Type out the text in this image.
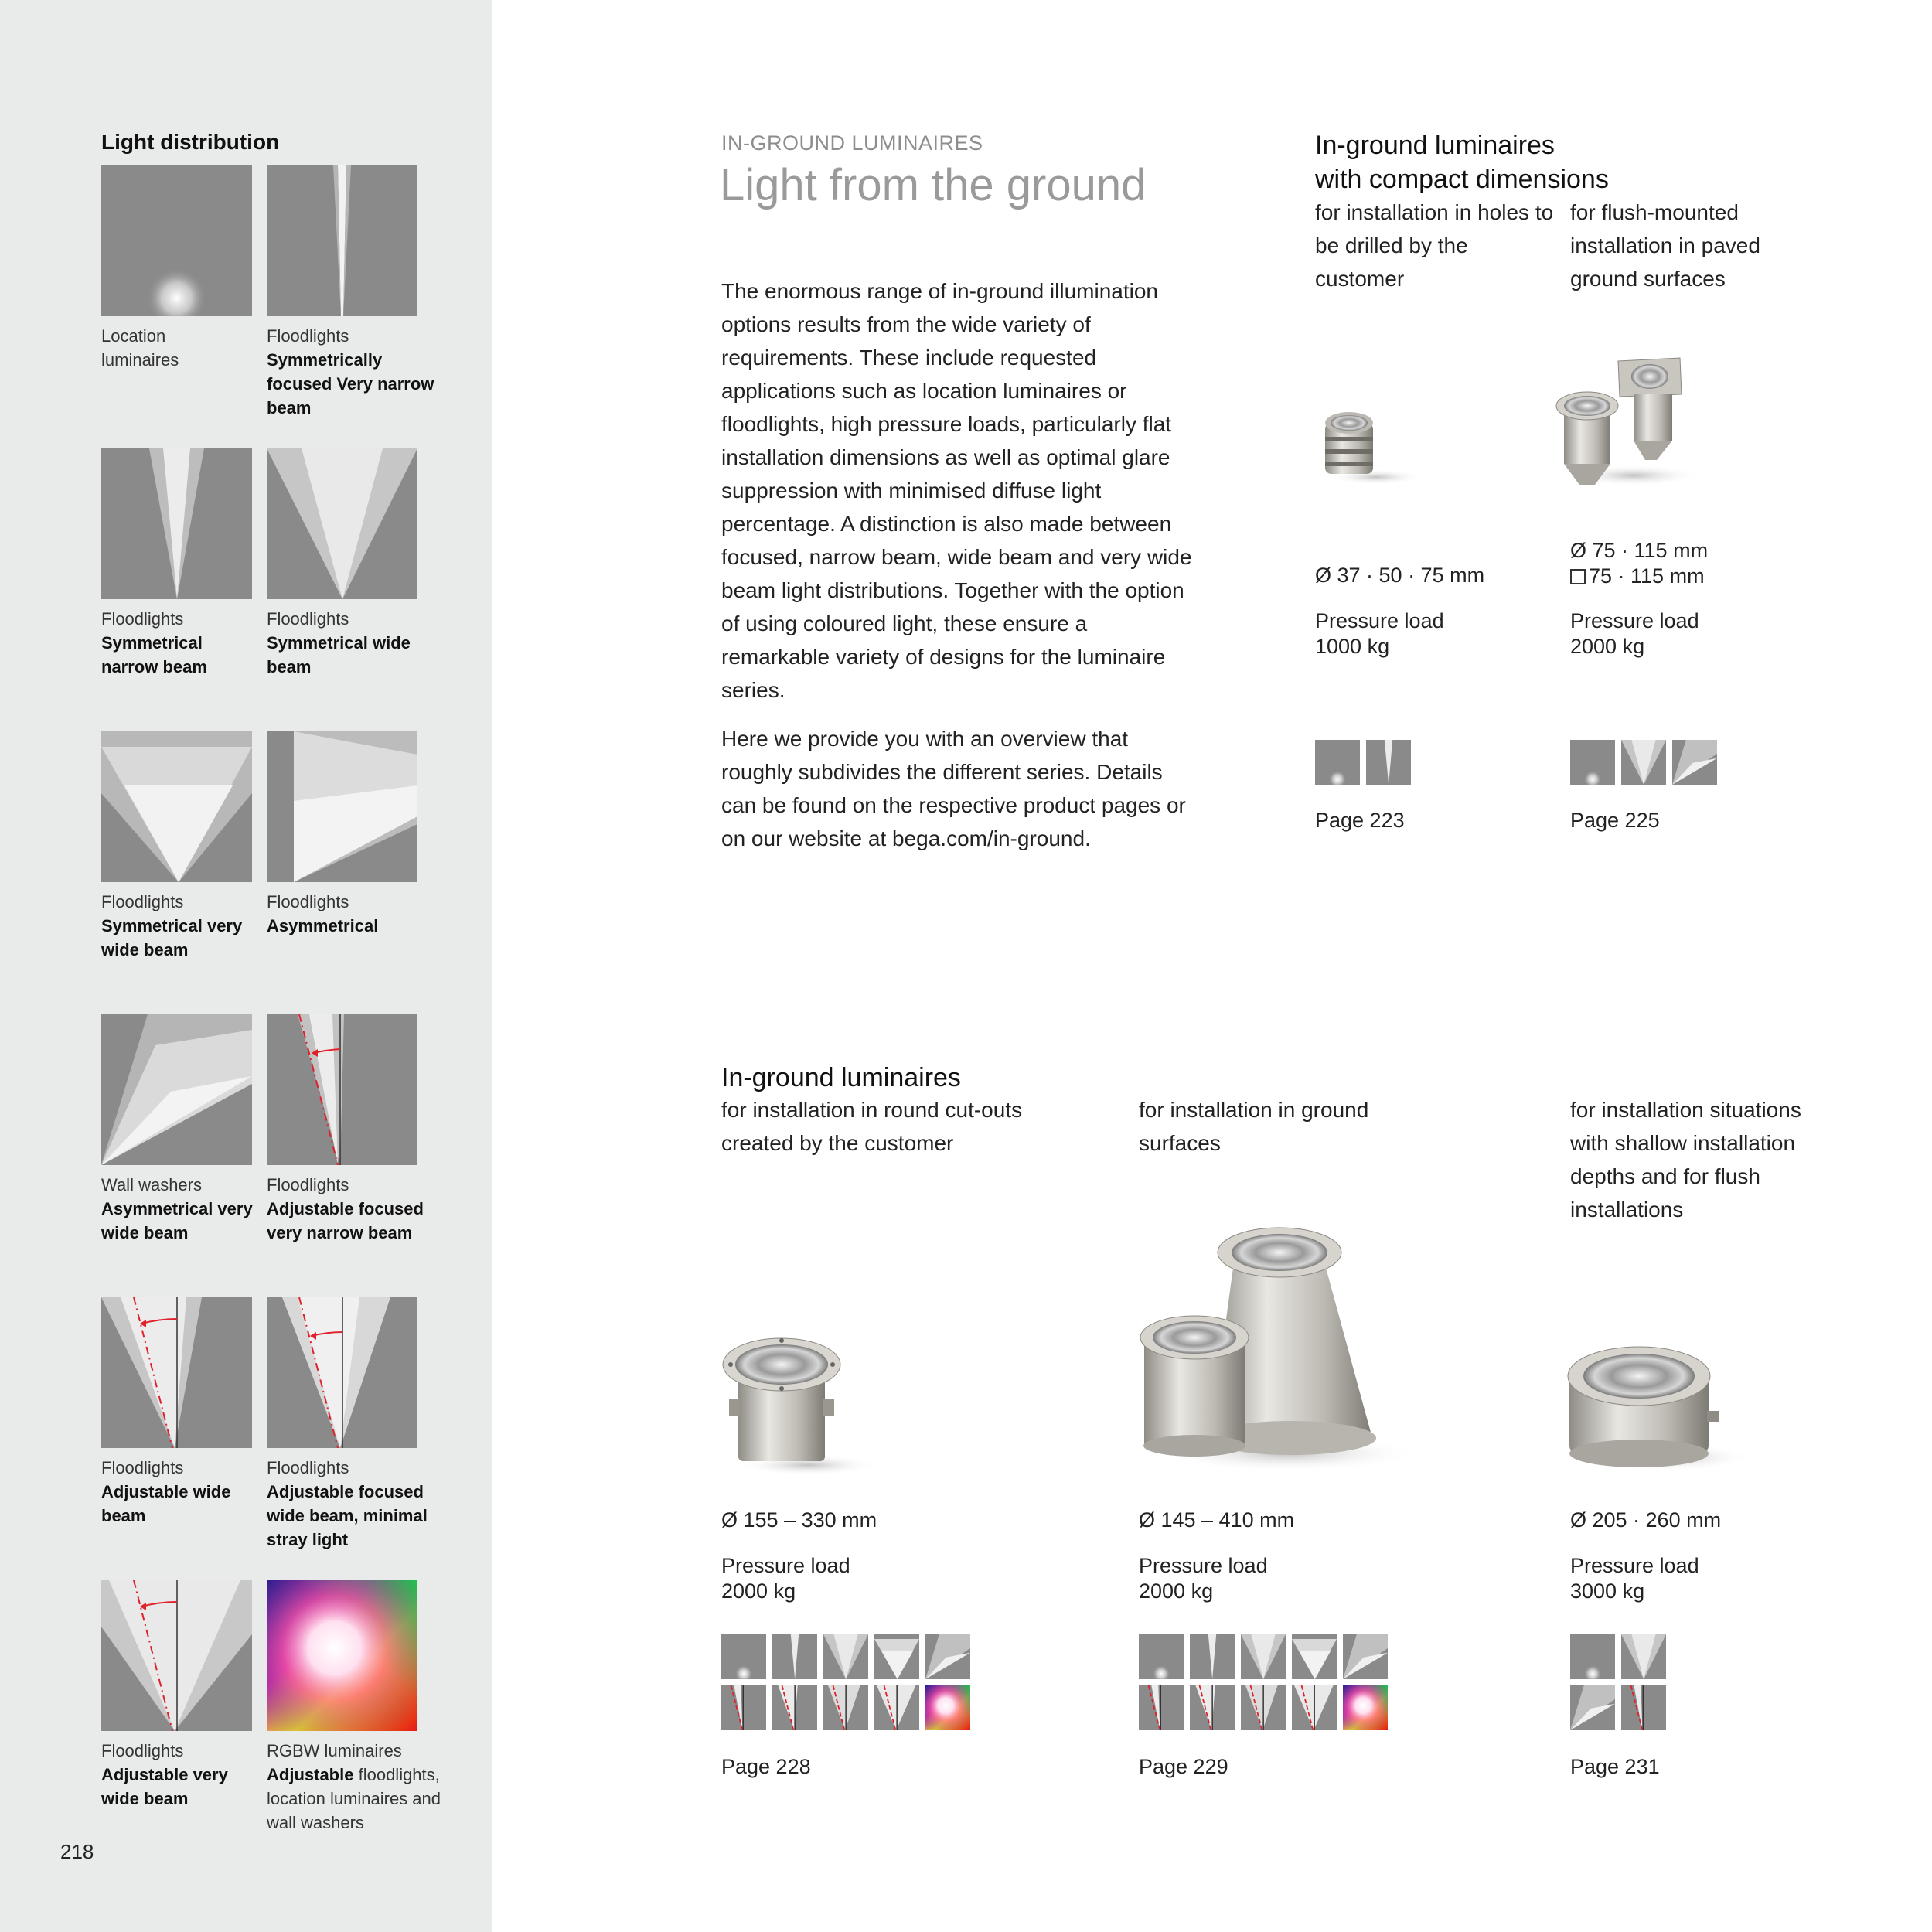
Light distribution
Location
luminaires
Floodlights
Symmetrically focused Very narrow beam
Floodlights
Symmetrical narrow beam
Floodlights
Symmetrical wide beam
Floodlights
Symmetrical very wide beam
Floodlights
Asymmetrical
Wall washers
Asymmetrical very wide beam
Floodlights
Adjustable focused very narrow beam
Floodlights
Adjustable wide beam
Floodlights
Adjustable focused wide beam, minimal stray light
Floodlights
Adjustable very wide beam
RGBW luminaires
Adjustable floodlights, location luminaires and wall washers
218
IN-GROUND LUMINAIRES
Light from the ground

The enormous range of in-ground illumination options results from the wide variety of requirements. These include requested applications such as location luminaires or floodlights, high pressure loads, particularly flat installation dimensions as well as optimal glare suppression with minimised diffuse light percentage. A distinction is also made between focused, narrow beam, wide beam and very wide beam light distributions. Together with the option of using coloured light, these ensure a remarkable variety of designs for the luminaire series.

Here we provide you with an overview that roughly subdivides the different series. Details can be found on the respective product pages or on our website at bega.com/in-ground.

In-ground luminaires
with compact dimensions
for installation in holes to be drilled by the customer
Ø 37 · 50 · 75 mm
Pressure load
1000 kg
Page 223
for flush-mounted installation in paved ground surfaces
Ø 75 · 115 mm
75 · 115 mm
Pressure load
2000 kg
Page 225
In-ground luminaires
for installation in round cut-outs created by the customer
Ø 155 – 330 mm
Pressure load
2000 kg
Page 228
for installation in ground surfaces
Ø 145 – 410 mm
Pressure load
2000 kg
Page 229
for installation situations with shallow installation depths and for flush installations
Ø 205 · 260 mm
Pressure load
3000 kg
Page 231
